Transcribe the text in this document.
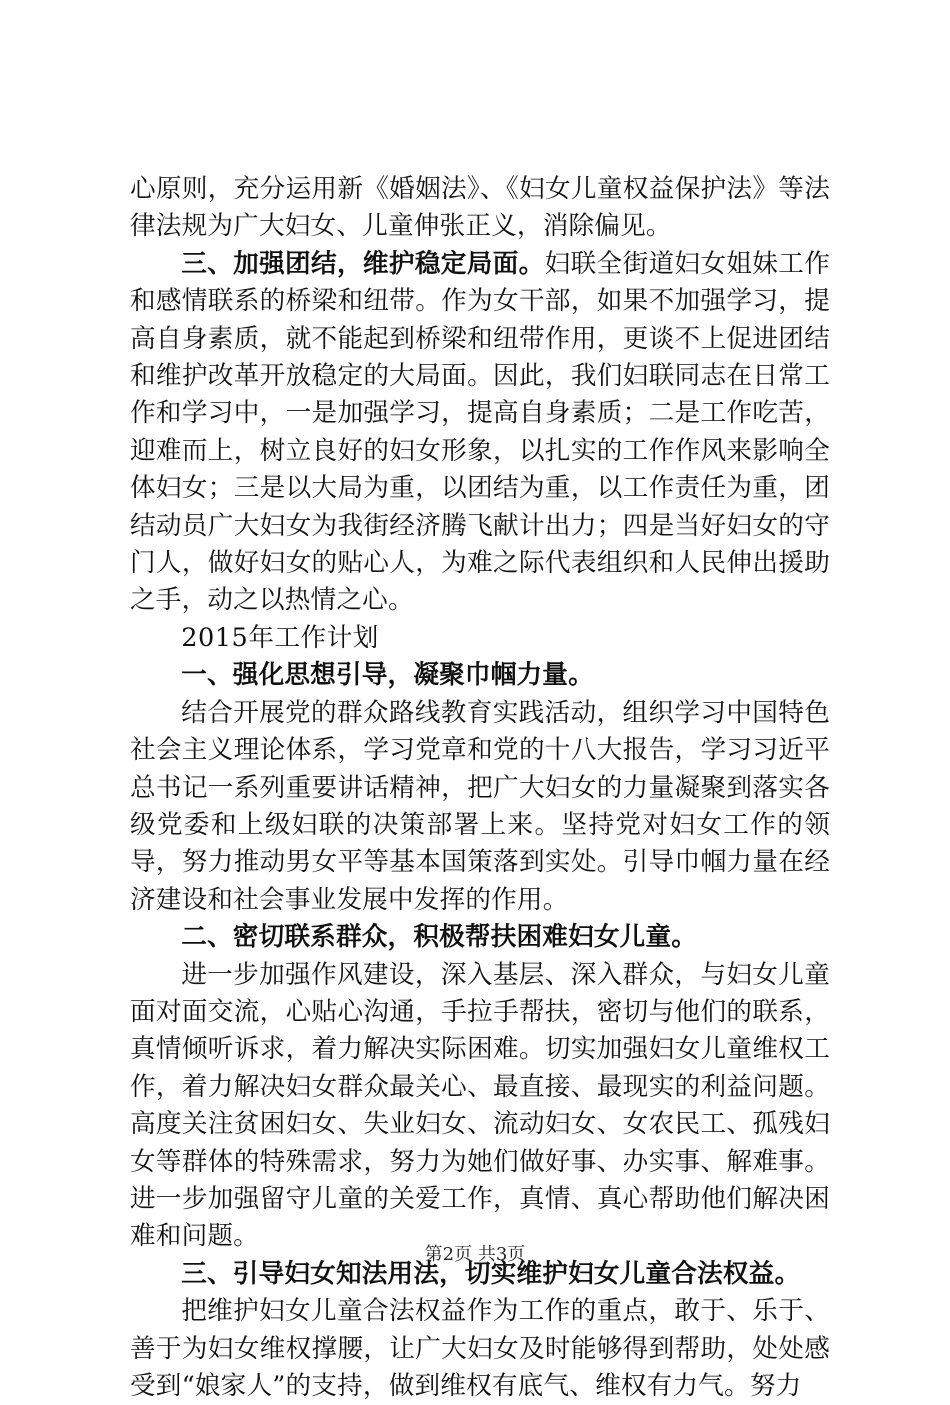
心原则，充分运用新《婚姻法》、《妇女儿童权益保护法》等法律法规为广大妇女、儿童伸张正义，消除偏见。

三、加强团结，维护稳定局面。妇联全街道妇女姐妹工作和感情联系的桥梁和纽带。作为女干部，如果不加强学习，提高自身素质，就不能起到桥梁和纽带作用，更谈不上促进团结和维护改革开放稳定的大局面。因此，我们妇联同志在日常工作和学习中，一是加强学习，提高自身素质；二是工作吃苦，迎难而上，树立良好的妇女形象，以扎实的工作作风来影响全体妇女；三是以大局为重，以团结为重，以工作责任为重，团结动员广大妇女为我街经济腾飞献计出力；四是当好妇女的守门人，做好妇女的贴心人，为难之际代表组织和人民伸出援助之手，动之以热情之心。

2015年工作计划

一、强化思想引导，凝聚巾帼力量。

结合开展党的群众路线教育实践活动，组织学习中国特色社会主义理论体系，学习党章和党的十八大报告，学习习近平总书记一系列重要讲话精神，把广大妇女的力量凝聚到落实各级党委和上级妇联的决策部署上来。坚持党对妇女工作的领导，努力推动男女平等基本国策落到实处。引导巾帼力量在经济建设和社会事业发展中发挥的作用。

二、密切联系群众，积极帮扶困难妇女儿童。

进一步加强作风建设，深入基层、深入群众，与妇女儿童面对面交流，心贴心沟通，手拉手帮扶，密切与他们的联系，真情倾听诉求，着力解决实际困难。切实加强妇女儿童维权工作，着力解决妇女群众最关心、最直接、最现实的利益问题。高度关注贫困妇女、失业妇女、流动妇女、女农民工、孤残妇女等群体的特殊需求，努力为她们做好事、办实事、解难事。进一步加强留守儿童的关爱工作，真情、真心帮助他们解决困难和问题。

三、引导妇女知法用法，切实维护妇女儿童合法权益。

把维护妇女儿童合法权益作为工作的重点，敢于、乐于、善于为妇女维权撑腰，让广大妇女及时能够得到帮助，处处感受到“娘家人”的支持，做到维权有底气、维权有力气。努力

第2页 共3页
